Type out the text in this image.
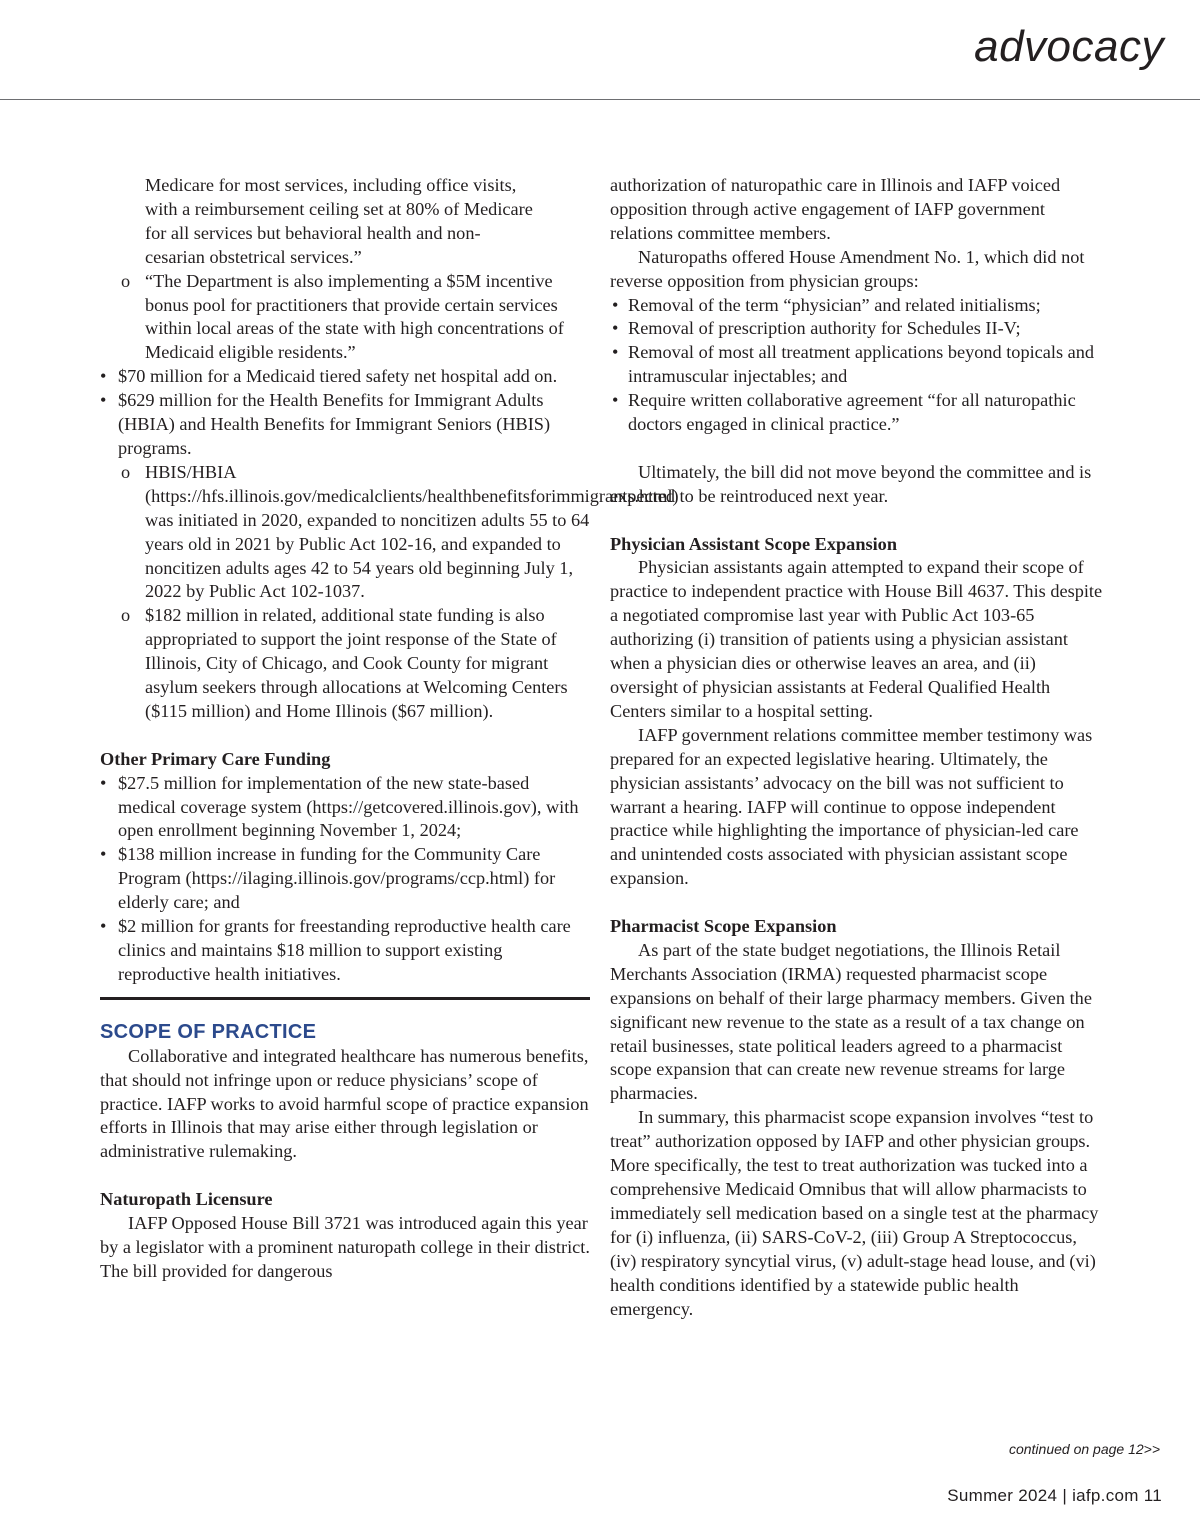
advocacy

Medicare for most services, including office visits,

with a reimbursement ceiling set at 80% of Medicare

for all services but behavioral health and non-

cesarian obstetrical services.”

o “The Department is also implementing a $5M incentive bonus pool for practitioners that provide certain services within local areas of the state with high concentrations of Medicaid eligible residents.”

• $70 million for a Medicaid tiered safety net hospital add on.

• $629 million for the Health Benefits for Immigrant Adults (HBIA) and Health Benefits for Immigrant Seniors (HBIS) programs.

o HBIS/HBIA (https://hfs.illinois.gov/medicalclients/healthbenefitsforimmigrants.html) was initiated in 2020, expanded to noncitizen adults 55 to 64 years old in 2021 by Public Act 102-16, and expanded to noncitizen adults ages 42 to 54 years old beginning July 1, 2022 by Public Act 102-1037.

o $182 million in related, additional state funding is also appropriated to support the joint response of the State of Illinois, City of Chicago, and Cook County for migrant asylum seekers through allocations at Welcoming Centers ($115 million) and Home Illinois ($67 million).

Other Primary Care Funding

• $27.5 million for implementation of the new state-based medical coverage system (https://getcovered.illinois.gov), with open enrollment beginning November 1, 2024;

• $138 million increase in funding for the Community Care Program (https://ilaging.illinois.gov/programs/ccp.html) for elderly care; and

• $2 million for grants for freestanding reproductive health care clinics and maintains $18 million to support existing reproductive health initiatives.

SCOPE OF PRACTICE

Collaborative and integrated healthcare has numerous benefits, that should not infringe upon or reduce physicians’ scope of practice. IAFP works to avoid harmful scope of practice expansion efforts in Illinois that may arise either through legislation or administrative rulemaking.

Naturopath Licensure

IAFP Opposed House Bill 3721 was introduced again this year by a legislator with a prominent naturopath college in their district. The bill provided for dangerous

authorization of naturopathic care in Illinois and IAFP voiced opposition through active engagement of IAFP government relations committee members.

Naturopaths offered House Amendment No. 1, which did not reverse opposition from physician groups:

• Removal of the term “physician” and related initialisms;

• Removal of prescription authority for Schedules II-V;

• Removal of most all treatment applications beyond topicals and intramuscular injectables; and

• Require written collaborative agreement “for all naturopathic doctors engaged in clinical practice.”

Ultimately, the bill did not move beyond the committee and is expected to be reintroduced next year.

Physician Assistant Scope Expansion

Physician assistants again attempted to expand their scope of practice to independent practice with House Bill 4637. This despite a negotiated compromise last year with Public Act 103-65 authorizing (i) transition of patients using a physician assistant when a physician dies or otherwise leaves an area, and (ii) oversight of physician assistants at Federal Qualified Health Centers similar to a hospital setting.

IAFP government relations committee member testimony was prepared for an expected legislative hearing. Ultimately, the physician assistants’ advocacy on the bill was not sufficient to warrant a hearing. IAFP will continue to oppose independent practice while highlighting the importance of physician-led care and unintended costs associated with physician assistant scope expansion.

Pharmacist Scope Expansion

As part of the state budget negotiations, the Illinois Retail Merchants Association (IRMA) requested pharmacist scope expansions on behalf of their large pharmacy members. Given the significant new revenue to the state as a result of a tax change on retail businesses, state political leaders agreed to a pharmacist scope expansion that can create new revenue streams for large pharmacies.

In summary, this pharmacist scope expansion involves “test to treat” authorization opposed by IAFP and other physician groups. More specifically, the test to treat authorization was tucked into a comprehensive Medicaid Omnibus that will allow pharmacists to immediately sell medication based on a single test at the pharmacy for (i) influenza, (ii) SARS-CoV-2, (iii) Group A Streptococcus, (iv) respiratory syncytial virus, (v) adult-stage head louse, and (vi) health conditions identified by a statewide public health emergency.

continued on page 12>>
Summer 2024 | iafp.com 11
